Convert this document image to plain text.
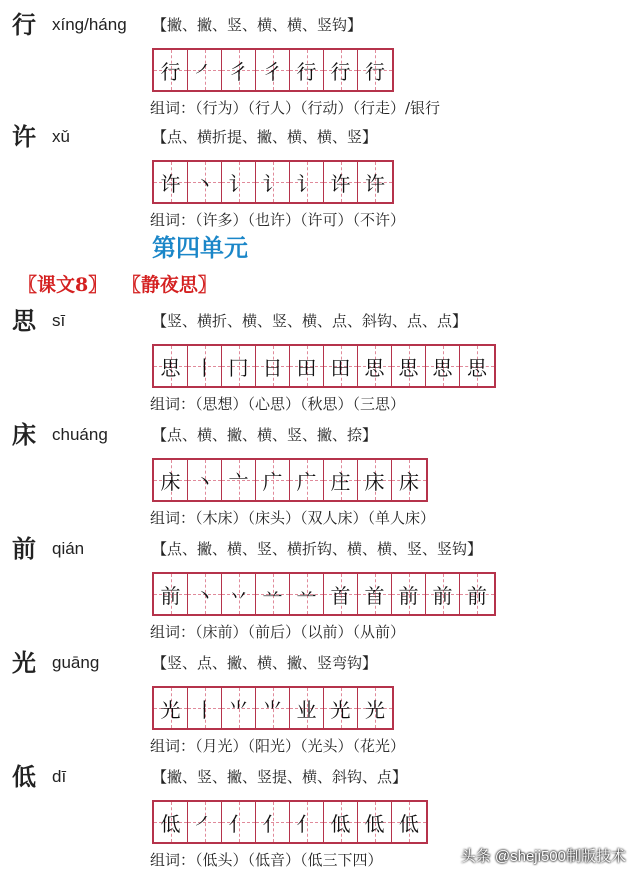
行 xíng/háng 【撇、撇、竖、横、横、竖钩】
行 ㇒ 彳 彳 行 行 行
组词：（行为）（行人）（行动）（行走）/银行
许 xǔ	【点、横折提、撇、横、横、竖】
许 丶 讠 讠 讠 许 许
组词：（许多）（也许）（许可）（不许）
第四单元
〖课文8〗 〖静夜思〗
思 sī	【竖、横折、横、竖、横、点、斜钩、点、点】
思 丨 冂 日 田 田 思 思 思 思
组词：（思想）（心思）（秋思）（三思）
床 chuáng	【点、横、撇、横、竖、撇、捺】
床 丶 亠 广 广 庄 床 床
组词：（木床）（床头）（双人床）（单人床）
前 qián	【点、撇、横、竖、横折钩、横、横、竖、竖钩】
前 丶 丷 䒑 䒑 首 首 前 前 前
组词：（床前）（前后）（以前）（从前）
光 guāng	【竖、点、撇、横、撇、竖弯钩】
光 丨 ⺌ ⺌ 业 光 光
组词：（月光）（阳光）（光头）（花光）
低 dī	【撇、竖、撇、竖提、横、斜钩、点】
低 ㇒ 亻 亻 亻 低 低 低
组词：（低头）（低音）（低三下四）	头条 @sheji500制版技术
